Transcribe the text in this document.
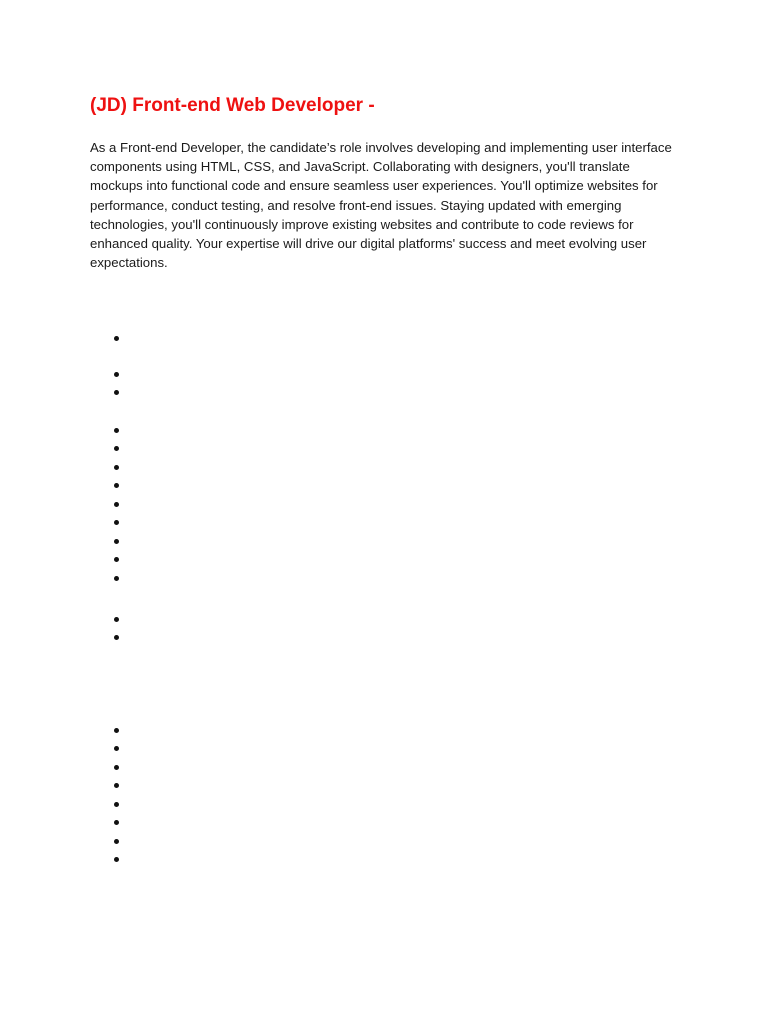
(JD) Front-end Web Developer -

As a Front-end Developer, the candidate’s role involves developing and implementing user interface components using HTML, CSS, and JavaScript. Collaborating with designers, you'll translate mockups into functional code and ensure seamless user experiences. You'll optimize websites for performance, conduct testing, and resolve front-end issues. Staying updated with emerging technologies, you'll continuously improve existing websites and contribute to code reviews for enhanced quality. Your expertise will drive our digital platforms' success and meet evolving user expectations.
